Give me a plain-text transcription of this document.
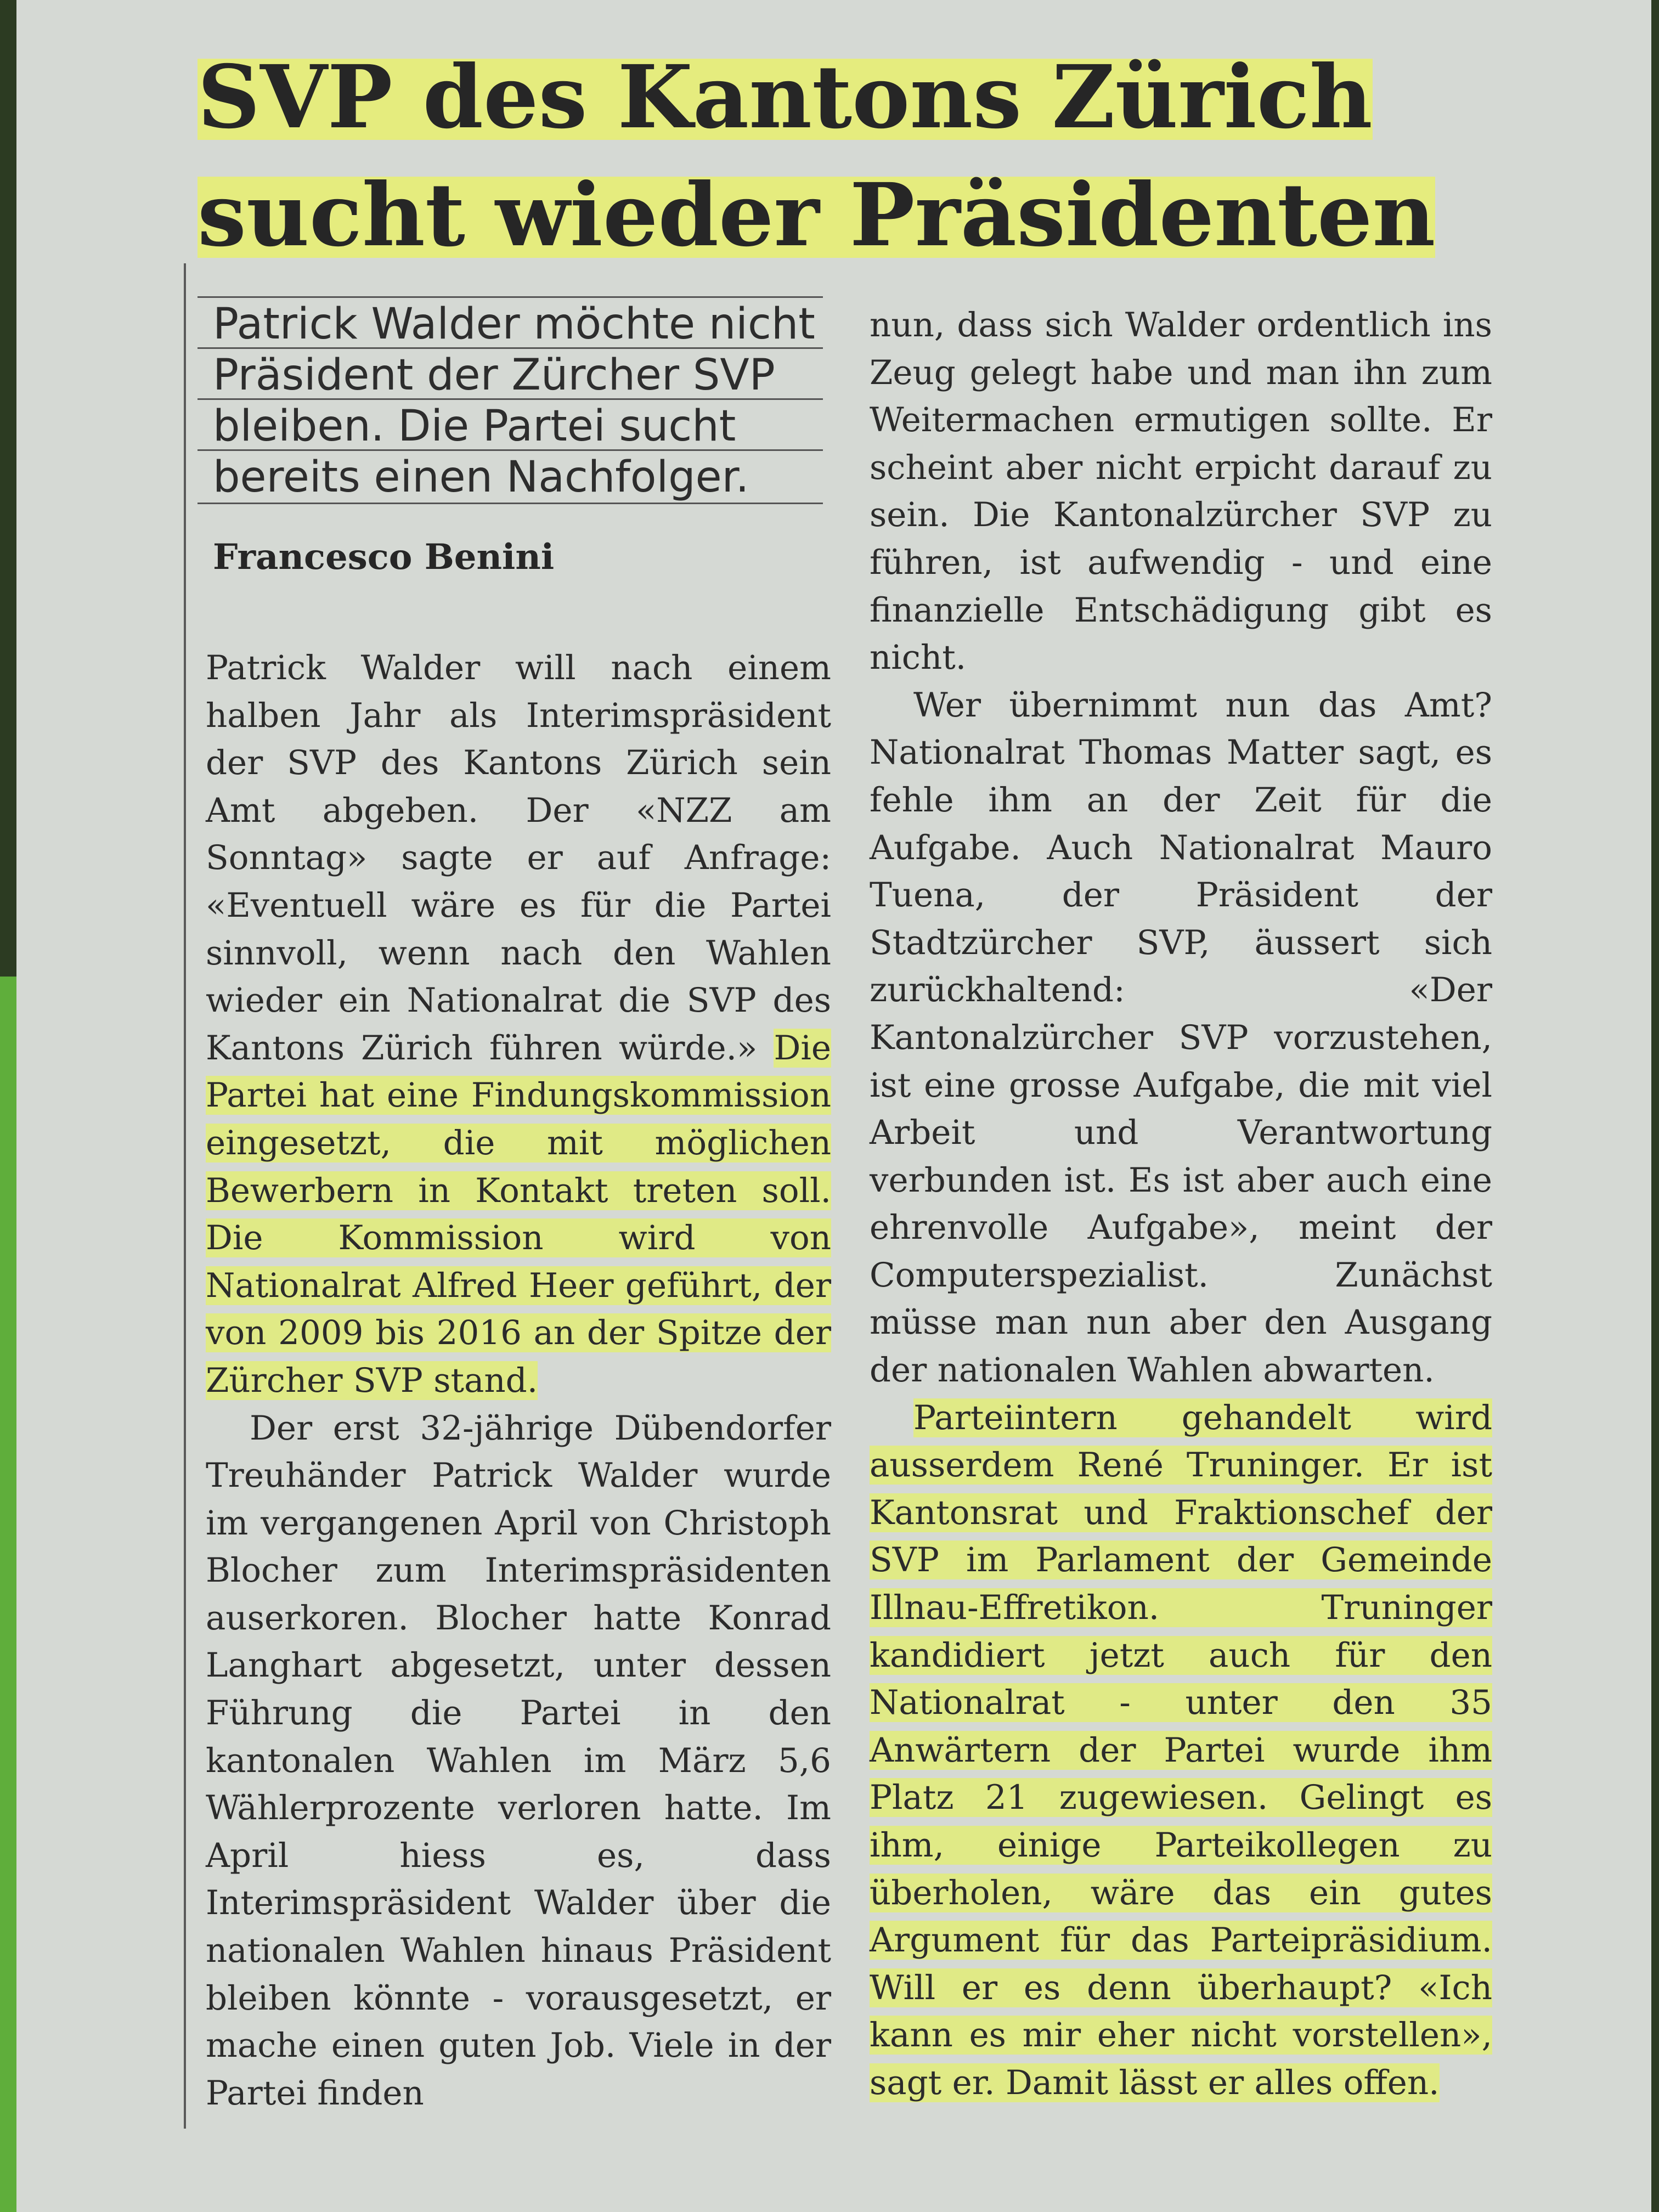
SVP des Kantons Zürich
sucht wieder Präsidenten
Patrick Walder möchte nicht
Präsident der Zürcher SVP
bleiben. Die Partei sucht
bereits einen Nachfolger.
Francesco Benini

Patrick Walder will nach einem halben Jahr als Interimspräsident der SVP des Kantons Zürich sein Amt abgeben. Der «NZZ am Sonntag» sagte er auf Anfrage: «Eventuell wäre es für die Partei sinnvoll, wenn nach den Wahlen wieder ein Nationalrat die SVP des Kantons Zürich führen würde.» Die Partei hat eine Findungskommission eingesetzt, die mit möglichen Bewerbern in Kontakt treten soll. Die Kommission wird von Nationalrat Alfred Heer geführt, der von 2009 bis 2016 an der Spitze der Zürcher SVP stand.

Der erst 32-jährige Dübendorfer Treuhänder Patrick Walder wurde im vergangenen April von Christoph Blocher zum Interimspräsidenten auserkoren. Blocher hatte Konrad Langhart abgesetzt, unter dessen Führung die Partei in den kantonalen Wahlen im März 5,6 Wählerprozente verloren hatte. Im April hiess es, dass Interimspräsident Walder über die nationalen Wahlen hinaus Präsident bleiben könnte - vorausgesetzt, er mache einen guten Job. Viele in der Partei finden

nun, dass sich Walder ordentlich ins Zeug gelegt habe und man ihn zum Weitermachen ermutigen sollte. Er scheint aber nicht erpicht darauf zu sein. Die Kantonalzürcher SVP zu führen, ist aufwendig - und eine finanzielle Entschädigung gibt es nicht.

Wer übernimmt nun das Amt? Nationalrat Thomas Matter sagt, es fehle ihm an der Zeit für die Aufgabe. Auch Nationalrat Mauro Tuena, der Präsident der Stadtzürcher SVP, äussert sich zurückhaltend: «Der Kantonalzürcher SVP vorzustehen, ist eine grosse Aufgabe, die mit viel Arbeit und Verantwortung verbunden ist. Es ist aber auch eine ehrenvolle Aufgabe», meint der Computerspezialist. Zunächst müsse man nun aber den Ausgang der nationalen Wahlen abwarten.

Parteiintern gehandelt wird ausserdem René Truninger. Er ist Kantonsrat und Fraktionschef der SVP im Parlament der Gemeinde Illnau-Effretikon. Truninger kandidiert jetzt auch für den Nationalrat - unter den 35 Anwärtern der Partei wurde ihm Platz 21 zugewiesen. Gelingt es ihm, einige Parteikollegen zu überholen, wäre das ein gutes Argument für das Parteipräsidium. Will er es denn überhaupt? «Ich kann es mir eher nicht vorstellen», sagt er. Damit lässt er alles offen.
